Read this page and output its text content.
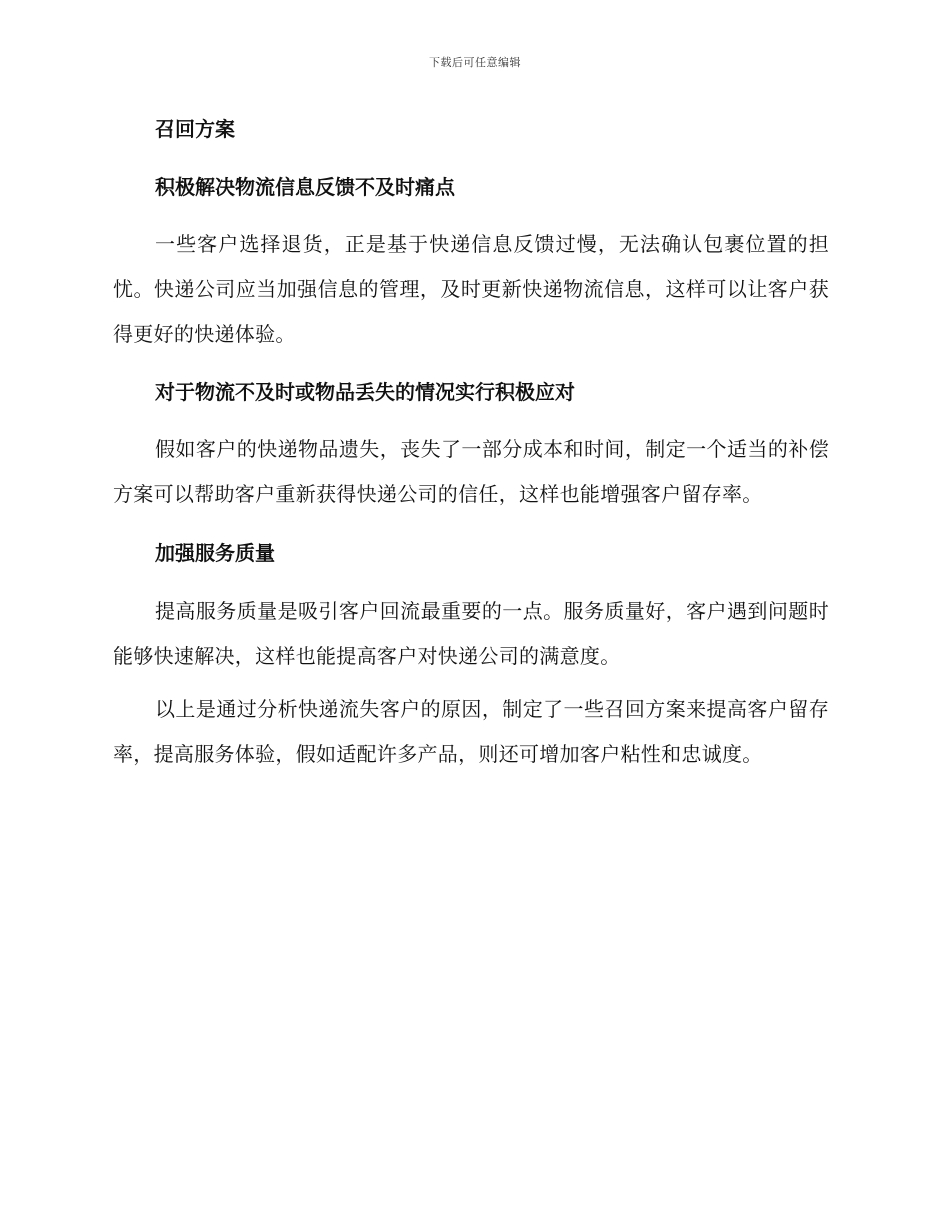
下载后可任意编辑

召回方案

积极解决物流信息反馈不及时痛点

一些客户选择退货，正是基于快递信息反馈过慢，无法确认包裹位置的担忧。快递公司应当加强信息的管理，及时更新快递物流信息，这样可以让客户获得更好的快递体验。

对于物流不及时或物品丢失的情况实行积极应对

假如客户的快递物品遗失，丧失了一部分成本和时间，制定一个适当的补偿方案可以帮助客户重新获得快递公司的信任，这样也能增强客户留存率。

加强服务质量

提高服务质量是吸引客户回流最重要的一点。服务质量好，客户遇到问题时能够快速解决，这样也能提高客户对快递公司的满意度。

以上是通过分析快递流失客户的原因，制定了一些召回方案来提高客户留存率，提高服务体验，假如适配许多产品，则还可增加客户粘性和忠诚度。
